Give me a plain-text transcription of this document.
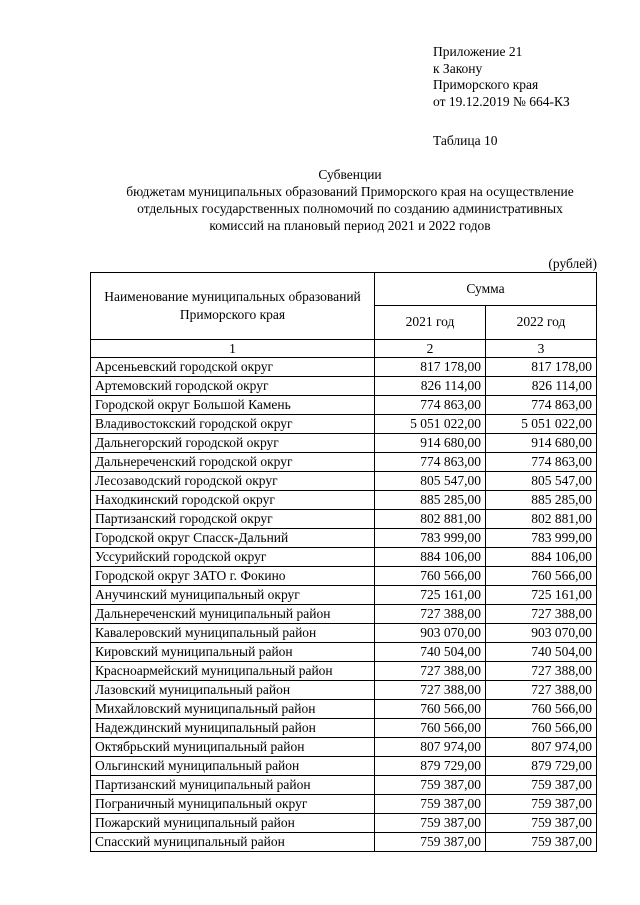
Приложение 21
к Закону
Приморского края
от 19.12.2019 № 664-КЗ
Таблица 10
Субвенции
бюджетам муниципальных образований Приморского края на осуществление
отдельных государственных полномочий по созданию административных
комиссий на плановый период 2021 и 2022 годов
(рублей)
Наименование муниципальных образований Приморского края	Сумма	
	2021 год	2022 год
1	2	3
Арсеньевский городской округ	817 178,00	817 178,00
Артемовский городской округ	826 114,00	826 114,00
Городской округ Большой Камень	774 863,00	774 863,00
Владивостокский городской округ	5 051 022,00	5 051 022,00
Дальнегорский городской округ	914 680,00	914 680,00
Дальнереченский городской округ	774 863,00	774 863,00
Лесозаводский городской округ	805 547,00	805 547,00
Находкинский городской округ	885 285,00	885 285,00
Партизанский городской округ	802 881,00	802 881,00
Городской округ Спасск-Дальний	783 999,00	783 999,00
Уссурийский городской округ	884 106,00	884 106,00
Городской округ ЗАТО г. Фокино	760 566,00	760 566,00
Анучинский муниципальный округ	725 161,00	725 161,00
Дальнереченский муниципальный район	727 388,00	727 388,00
Кавалеровский муниципальный район	903 070,00	903 070,00
Кировский муниципальный район	740 504,00	740 504,00
Красноармейский муниципальный район	727 388,00	727 388,00
Лазовский муниципальный район	727 388,00	727 388,00
Михайловский муниципальный район	760 566,00	760 566,00
Надеждинский муниципальный район	760 566,00	760 566,00
Октябрьский муниципальный район	807 974,00	807 974,00
Ольгинский муниципальный район	879 729,00	879 729,00
Партизанский муниципальный район	759 387,00	759 387,00
Пограничный муниципальный округ	759 387,00	759 387,00
Пожарский муниципальный район	759 387,00	759 387,00
Спасский муниципальный район	759 387,00	759 387,00
